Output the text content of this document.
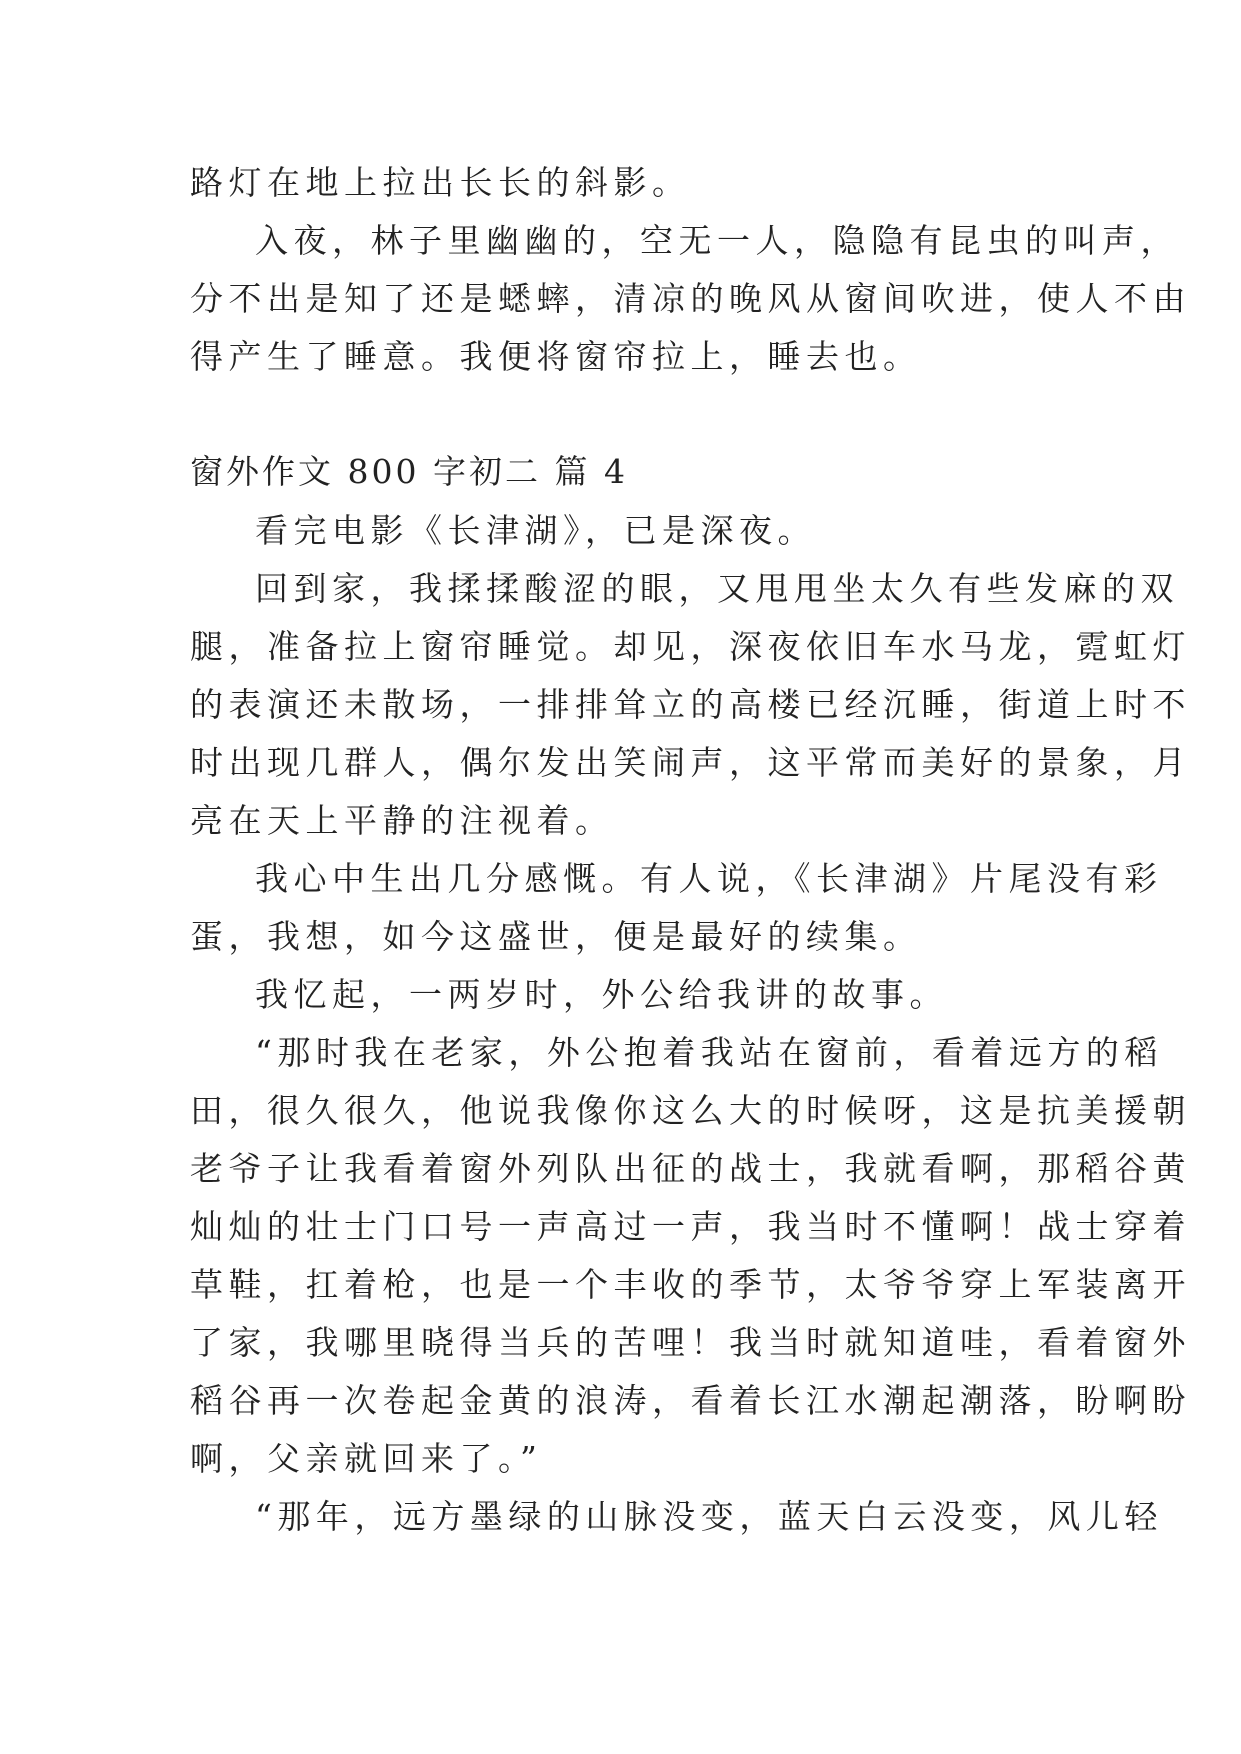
路灯在地上拉出长长的斜影。
入夜，林子里幽幽的，空无一人，隐隐有昆虫的叫声，
分不出是知了还是蟋蟀，清凉的晚风从窗间吹进，使人不由
得产生了睡意。我便将窗帘拉上，睡去也。
窗外作文 800 字初二 篇 4
看完电影《长津湖》，已是深夜。
回到家，我揉揉酸涩的眼，又甩甩坐太久有些发麻的双
腿，准备拉上窗帘睡觉。却见，深夜依旧车水马龙，霓虹灯
的表演还未散场，一排排耸立的高楼已经沉睡，街道上时不
时出现几群人，偶尔发出笑闹声，这平常而美好的景象，月
亮在天上平静的注视着。
我心中生出几分感慨。有人说，《长津湖》片尾没有彩
蛋，我想，如今这盛世，便是最好的续集。
我忆起，一两岁时，外公给我讲的故事。
“那时我在老家，外公抱着我站在窗前，看着远方的稻
田，很久很久，他说我像你这么大的时候呀，这是抗美援朝
老爷子让我看着窗外列队出征的战士，我就看啊，那稻谷黄
灿灿的壮士门口号一声高过一声，我当时不懂啊！战士穿着
草鞋，扛着枪，也是一个丰收的季节，太爷爷穿上军装离开
了家，我哪里晓得当兵的苦哩！我当时就知道哇，看着窗外
稻谷再一次卷起金黄的浪涛，看着长江水潮起潮落，盼啊盼
啊，父亲就回来了。”
“那年，远方墨绿的山脉没变，蓝天白云没变，风儿轻
